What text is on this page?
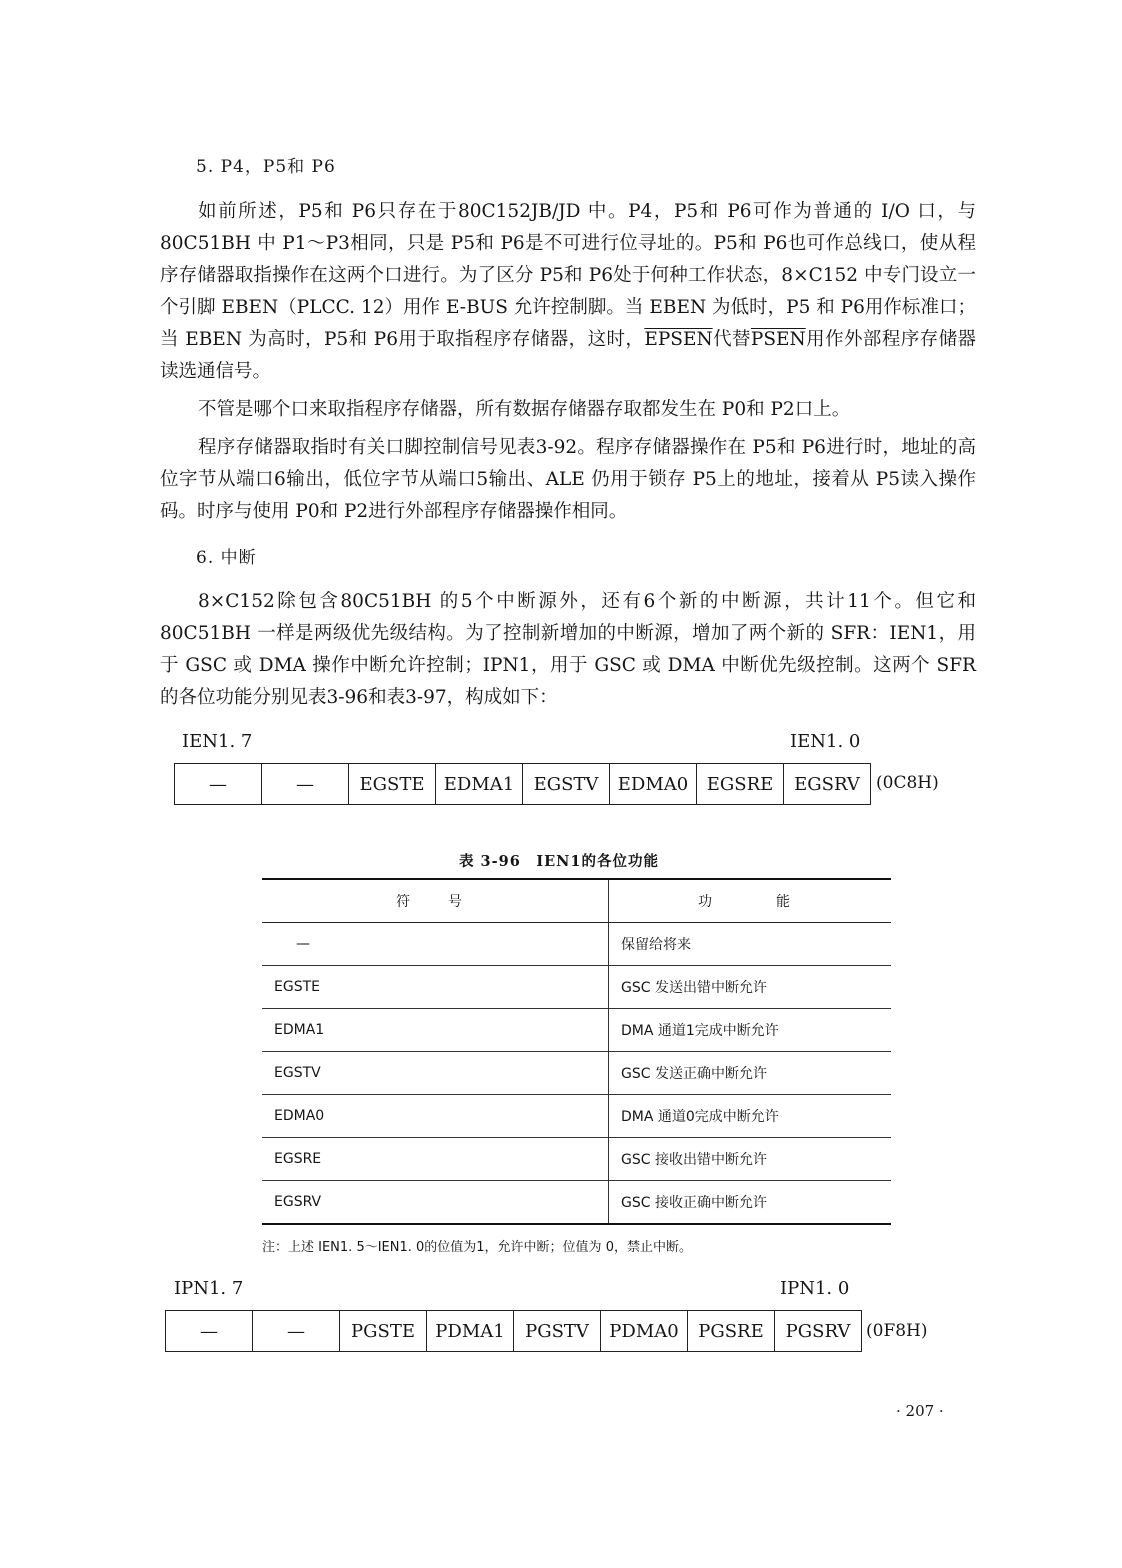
5. P4，P5和 P6

如前所述，P5和 P6只存在于80C152JB/JD 中。P4，P5和 P6可作为普通的 I/O 口，与 80C51BH 中 P1～P3相同，只是 P5和 P6是不可进行位寻址的。P5和 P6也可作总线口，使从程序存储器取指操作在这两个口进行。为了区分 P5和 P6处于何种工作状态，8×C152 中专门设立一个引脚 EBEN（PLCC. 12）用作 E-BUS 允许控制脚。当 EBEN 为低时，P5 和 P6用作标准口；当 EBEN 为高时，P5和 P6用于取指程序存储器，这时，EPSEN代替PSEN用作外部程序存储器读选通信号。

不管是哪个口来取指程序存储器，所有数据存储器存取都发生在 P0和 P2口上。

程序存储器取指时有关口脚控制信号见表3-92。程序存储器操作在 P5和 P6进行时，地址的高位字节从端口6输出，低位字节从端口5输出、ALE 仍用于锁存 P5上的地址，接着从 P5读入操作码。时序与使用 P0和 P2进行外部程序存储器操作相同。

6. 中断

8×C152除包含80C51BH 的5个中断源外，还有6个新的中断源，共计11个。但它和 80C51BH 一样是两级优先级结构。为了控制新增加的中断源，增加了两个新的 SFR：IEN1，用于 GSC 或 DMA 操作中断允许控制；IPN1，用于 GSC 或 DMA 中断优先级控制。这两个 SFR 的各位功能分别见表3-96和表3-97，构成如下：

IEN1. 7	IEN1. 0
—	—	EGSTE	EDMA1	EGSTV	EDMA0	EGSRE	EGSRV (0C8H)
表 3-96　IEN1的各位功能
符　号	功　　能
—	保留给将来
EGSTE	GSC 发送出错中断允许
EDMA1	DMA 通道1完成中断允许
EGSTV	GSC 发送正确中断允许
EDMA0	DMA 通道0完成中断允许
EGSRE	GSC 接收出错中断允许
EGSRV	GSC 接收正确中断允许
注：上述 IEN1. 5～IEN1. 0的位值为1，允许中断；位值为 0，禁止中断。
IPN1. 7	IPN1. 0
—	—	PGSTE	PDMA1	PGSTV	PDMA0	PGSRE	PGSRV (0F8H)
· 207 ·
